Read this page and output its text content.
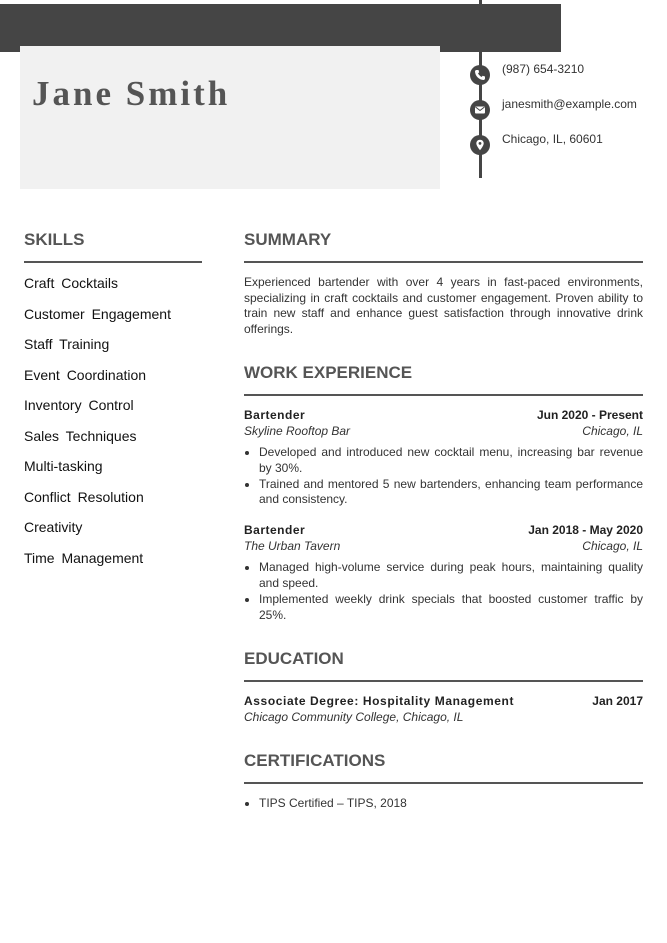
Jane Smith
(987) 654-3210
janesmith@example.com
Chicago, IL, 60601
SKILLS
Craft Cocktails
Customer Engagement
Staff Training
Event Coordination
Inventory Control
Sales Techniques
Multi-tasking
Conflict Resolution
Creativity
Time Management
SUMMARY

Experienced bartender with over 4 years in fast-paced environments, specializing in craft cocktails and customer engagement. Proven ability to train new staff and enhance guest satisfaction through innovative drink offerings.

WORK EXPERIENCE
Bartender	Jun 2020 - Present
Skyline Rooftop Bar	Chicago, IL
• Developed and introduced new cocktail menu, increasing bar revenue by 30%.
• Trained and mentored 5 new bartenders, enhancing team performance and consistency.
Bartender	Jan 2018 - May 2020
The Urban Tavern	Chicago, IL
• Managed high-volume service during peak hours, maintaining quality and speed.
• Implemented weekly drink specials that boosted customer traffic by 25%.
EDUCATION
Associate Degree: Hospitality Management	Jan 2017
Chicago Community College, Chicago, IL
CERTIFICATIONS
• TIPS Certified – TIPS, 2018
